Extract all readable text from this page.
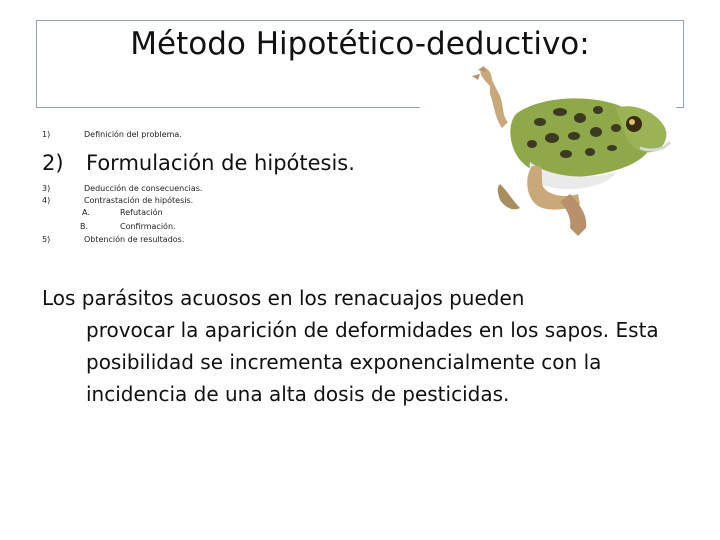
Método Hipotético-deductivo:
1)	Definición del problema.
2) Formulación de hipótesis.
3)	Deducción de consecuencias.
4)	Contrastación de hipótesis.
A.	Refutación
B.	Confirmación.
5)	Obtención de resultados.

Los parásitos acuosos en los renacuajos pueden

provocar la aparición de deformidades en los sapos. Esta posibilidad se incrementa exponencialmente con la incidencia de una alta dosis de pesticidas.
